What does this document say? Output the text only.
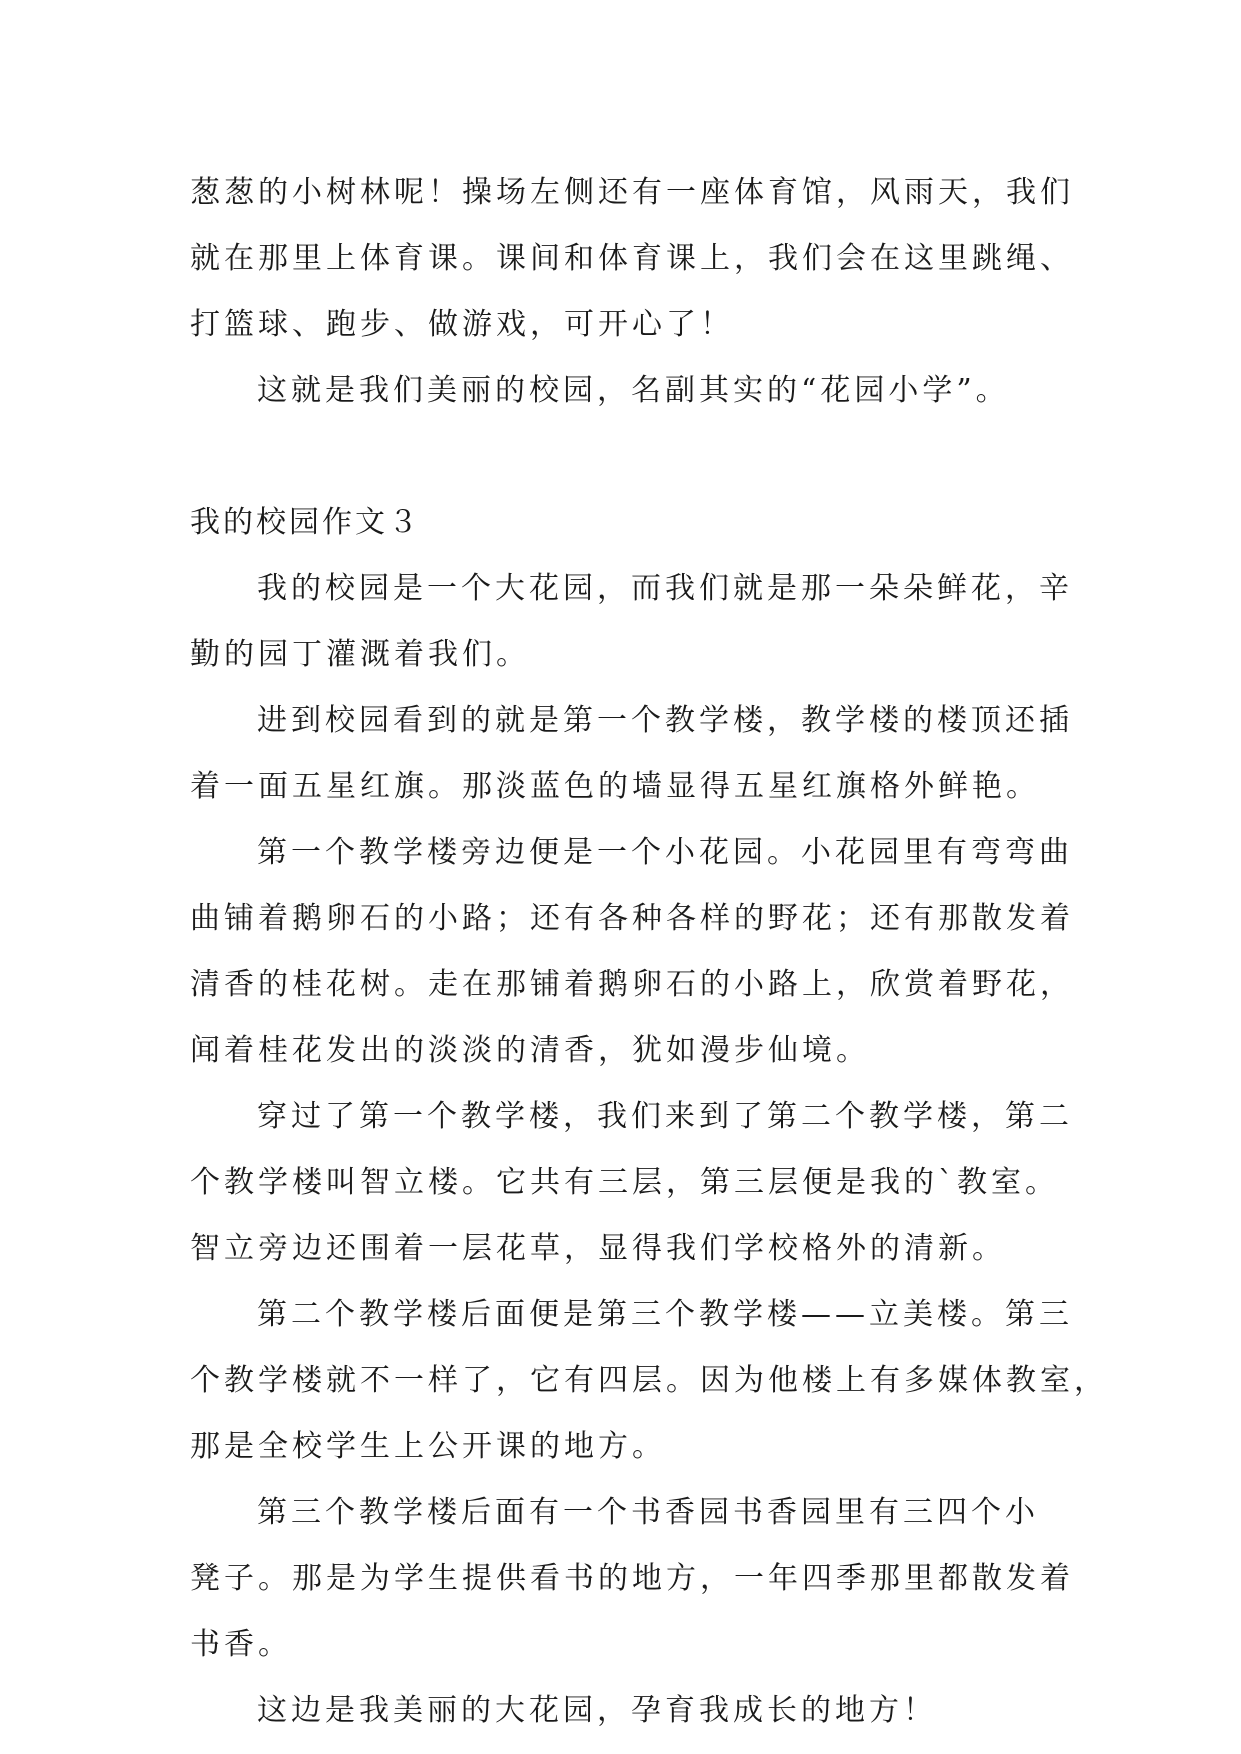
葱葱的小树林呢！操场左侧还有一座体育馆，风雨天，我们
就在那里上体育课。课间和体育课上，我们会在这里跳绳、
打篮球、跑步、做游戏，可开心了！
这就是我们美丽的校园，名副其实的“花园小学”。
我的校园作文３
我的校园是一个大花园，而我们就是那一朵朵鲜花，辛
勤的园丁灌溉着我们。
进到校园看到的就是第一个教学楼，教学楼的楼顶还插
着一面五星红旗。那淡蓝色的墙显得五星红旗格外鲜艳。
第一个教学楼旁边便是一个小花园。小花园里有弯弯曲
曲铺着鹅卵石的小路；还有各种各样的野花；还有那散发着
清香的桂花树。走在那铺着鹅卵石的小路上，欣赏着野花，
闻着桂花发出的淡淡的清香，犹如漫步仙境。
穿过了第一个教学楼，我们来到了第二个教学楼，第二
个教学楼叫智立楼。它共有三层，第三层便是我的`教室。
智立旁边还围着一层花草，显得我们学校格外的清新。
第二个教学楼后面便是第三个教学楼——立美楼。第三
个教学楼就不一样了，它有四层。因为他楼上有多媒体教室，
那是全校学生上公开课的地方。
第三个教学楼后面有一个书香园书香园里有三四个小
凳子。那是为学生提供看书的地方，一年四季那里都散发着
书香。
这边是我美丽的大花园，孕育我成长的地方！
